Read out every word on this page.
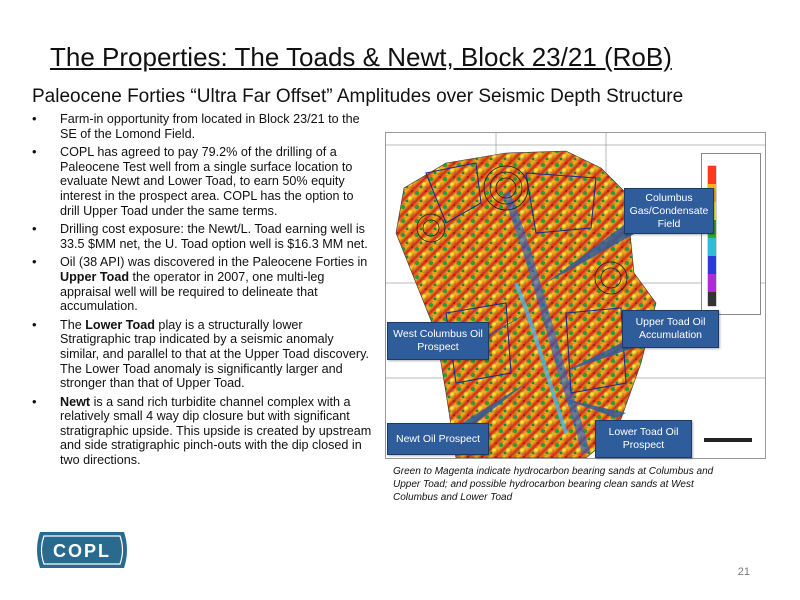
The Properties: The Toads & Newt, Block 23/21 (RoB)
Paleocene Forties “Ultra Far Offset” Amplitudes over Seismic Depth Structure
• Farm-in opportunity from located in Block 23/21 to the SE of the Lomond Field.
• COPL has agreed to pay 79.2% of the drilling of a Paleocene Test well from a single surface location to evaluate Newt and Lower Toad, to earn 50% equity interest in the prospect area. COPL has the option to drill Upper Toad under the same terms.
• Drilling cost exposure: the Newt/L. Toad earning well is 33.5 $MM net, the U. Toad option well is $16.3 MM net.
• Oil (38 API) was discovered in the Paleocene Forties in Upper Toad the operator in 2007, one multi-leg appraisal well will be required to delineate that accumulation.
• The Lower Toad play is a structurally lower Stratigraphic trap indicated by a seismic anomaly similar, and parallel to that at the Upper Toad discovery. The Lower Toad anomaly is significantly larger and stronger than that of Upper Toad.
• Newt is a sand rich turbidite channel complex with a relatively small 4 way dip closure but with significant stratigraphic upside. This upside is created by upstream and side stratigraphic pinch-outs with the dip closed in two directions.
Columbus Gas/Condensate Field
West Columbus Oil Prospect
Upper Toad Oil Accumulation
Newt Oil Prospect
Lower Toad Oil Prospect
Green to Magenta indicate hydrocarbon bearing sands at Columbus and Upper Toad; and possible hydrocarbon bearing clean sands at West Columbus and Lower Toad
COPL
21
